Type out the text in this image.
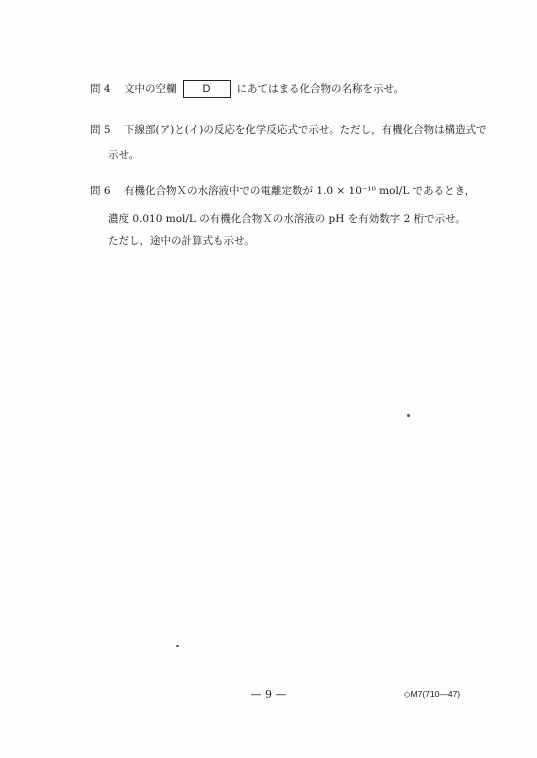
問 4 文中の空欄 D にあてはまる化合物の名称を示せ。
問 5 下線部(ア)と(イ)の反応を化学反応式で示せ。ただし，有機化合物は構造式で
示せ。
問 6 有機化合物Ｘの水溶液中での電離定数が 1.0 × 10⁻¹⁰ mol/L であるとき，
濃度 0.010 mol/L の有機化合物Ｘの水溶液の pH を有効数字 2 桁で示せ。
ただし，途中の計算式も示せ。
— 9 —	◇M7(710—47)
